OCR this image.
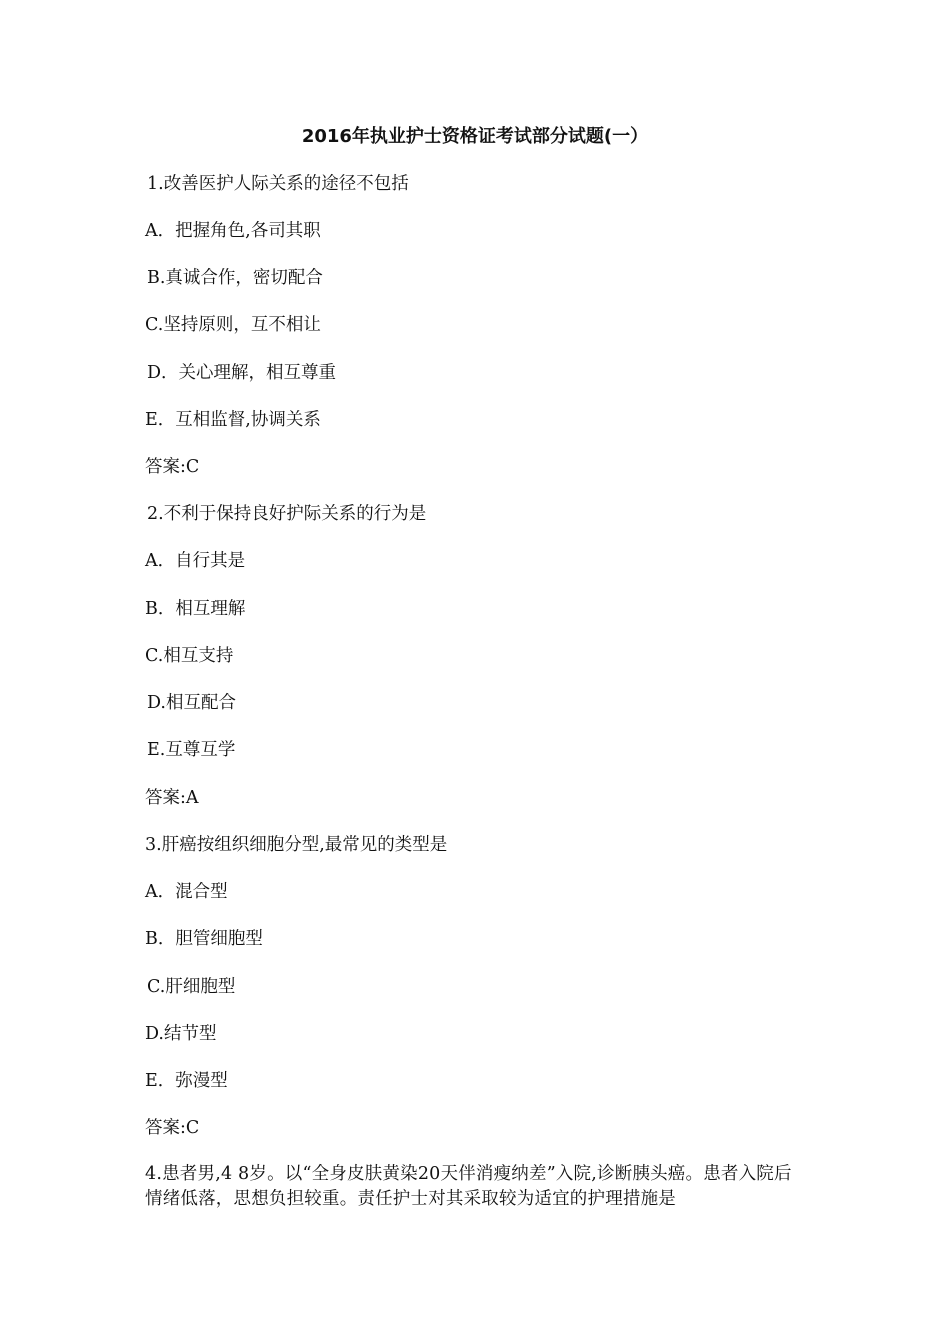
2016年执业护士资格证考试部分试题(一）

1.改善医护人际关系的途径不包括

A．把握角色,各司其职

B.真诚合作，密切配合

C.坚持原则，互不相让

D．关心理解，相互尊重

E．互相监督,协调关系

答案:C

2.不利于保持良好护际关系的行为是

A．自行其是

B．相互理解

C.相互支持

D.相互配合

E.互尊互学

答案:A

3.肝癌按组织细胞分型,最常见的类型是

A．混合型

B．胆管细胞型

C.肝细胞型

D.结节型

E．弥漫型

答案:C

4.患者男,4 8岁。以“全身皮肤黄染20天伴消瘦纳差”入院,诊断胰头癌。患者入院后情绪低落，思想负担较重。责任护士对其采取较为适宜的护理措施是
